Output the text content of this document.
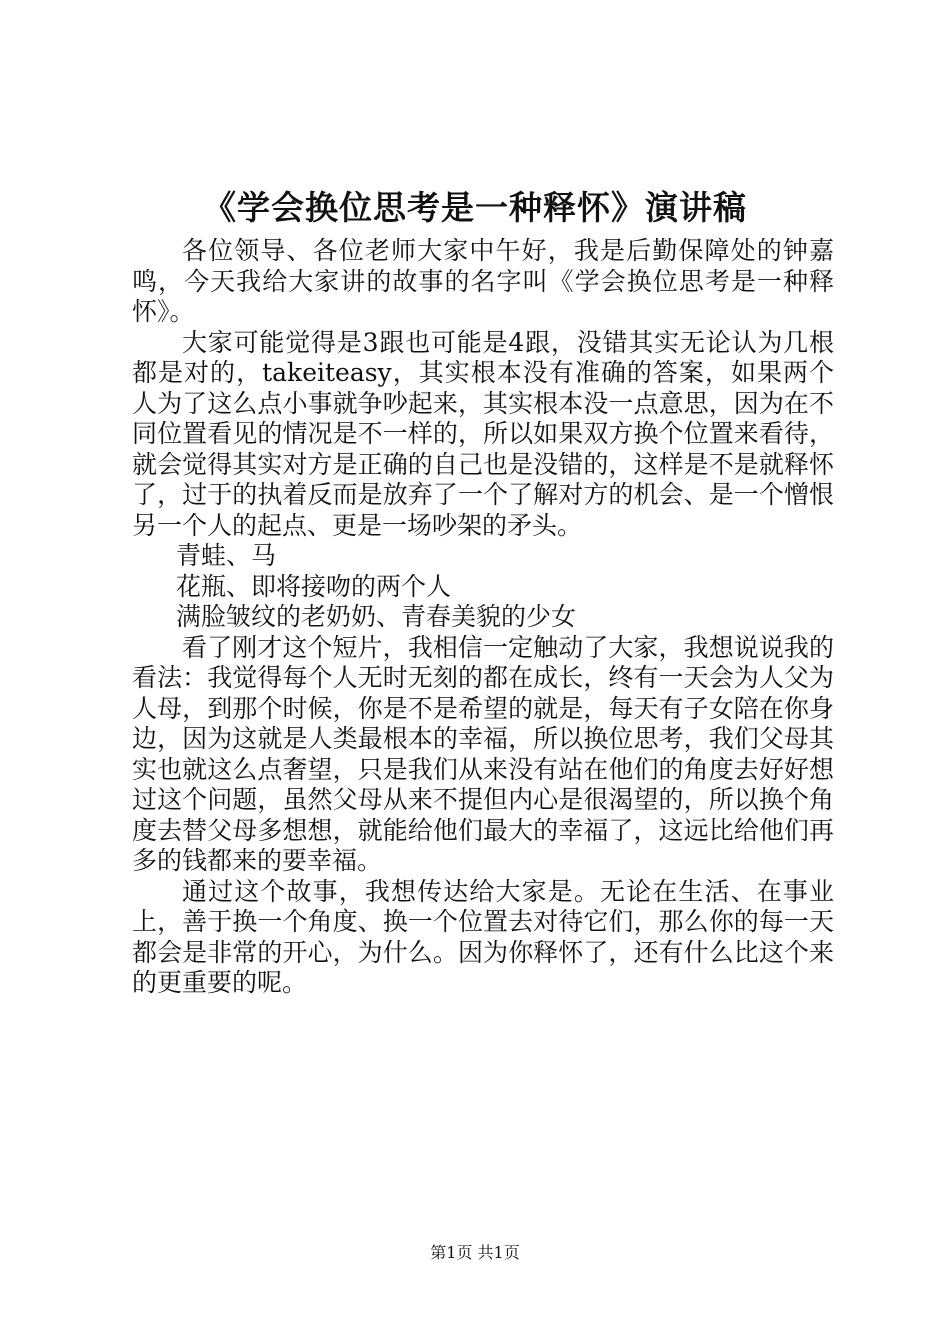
《学会换位思考是一种释怀》演讲稿

各位领导、各位老师大家中午好，我是后勤保障处的钟嘉鸣，今天我给大家讲的故事的名字叫《学会换位思考是一种释怀》。

大家可能觉得是3跟也可能是4跟，没错其实无论认为几根都是对的，takeiteasy，其实根本没有准确的答案，如果两个人为了这么点小事就争吵起来，其实根本没一点意思，因为在不同位置看见的情况是不一样的，所以如果双方换个位置来看待，就会觉得其实对方是正确的自己也是没错的，这样是不是就释怀了，过于的执着反而是放弃了一个了解对方的机会、是一个憎恨另一个人的起点、更是一场吵架的矛头。

青蛙、马

花瓶、即将接吻的两个人

满脸皱纹的老奶奶、青春美貌的少女

看了刚才这个短片，我相信一定触动了大家，我想说说我的看法：我觉得每个人无时无刻的都在成长，终有一天会为人父为人母，到那个时候，你是不是希望的就是，每天有子女陪在你身边，因为这就是人类最根本的幸福，所以换位思考，我们父母其实也就这么点奢望，只是我们从来没有站在他们的角度去好好想过这个问题，虽然父母从来不提但内心是很渴望的，所以换个角度去替父母多想想，就能给他们最大的幸福了，这远比给他们再多的钱都来的要幸福。

通过这个故事，我想传达给大家是。无论在生活、在事业上，善于换一个角度、换一个位置去对待它们，那么你的每一天都会是非常的开心，为什么。因为你释怀了，还有什么比这个来的更重要的呢。

第1页 共1页
